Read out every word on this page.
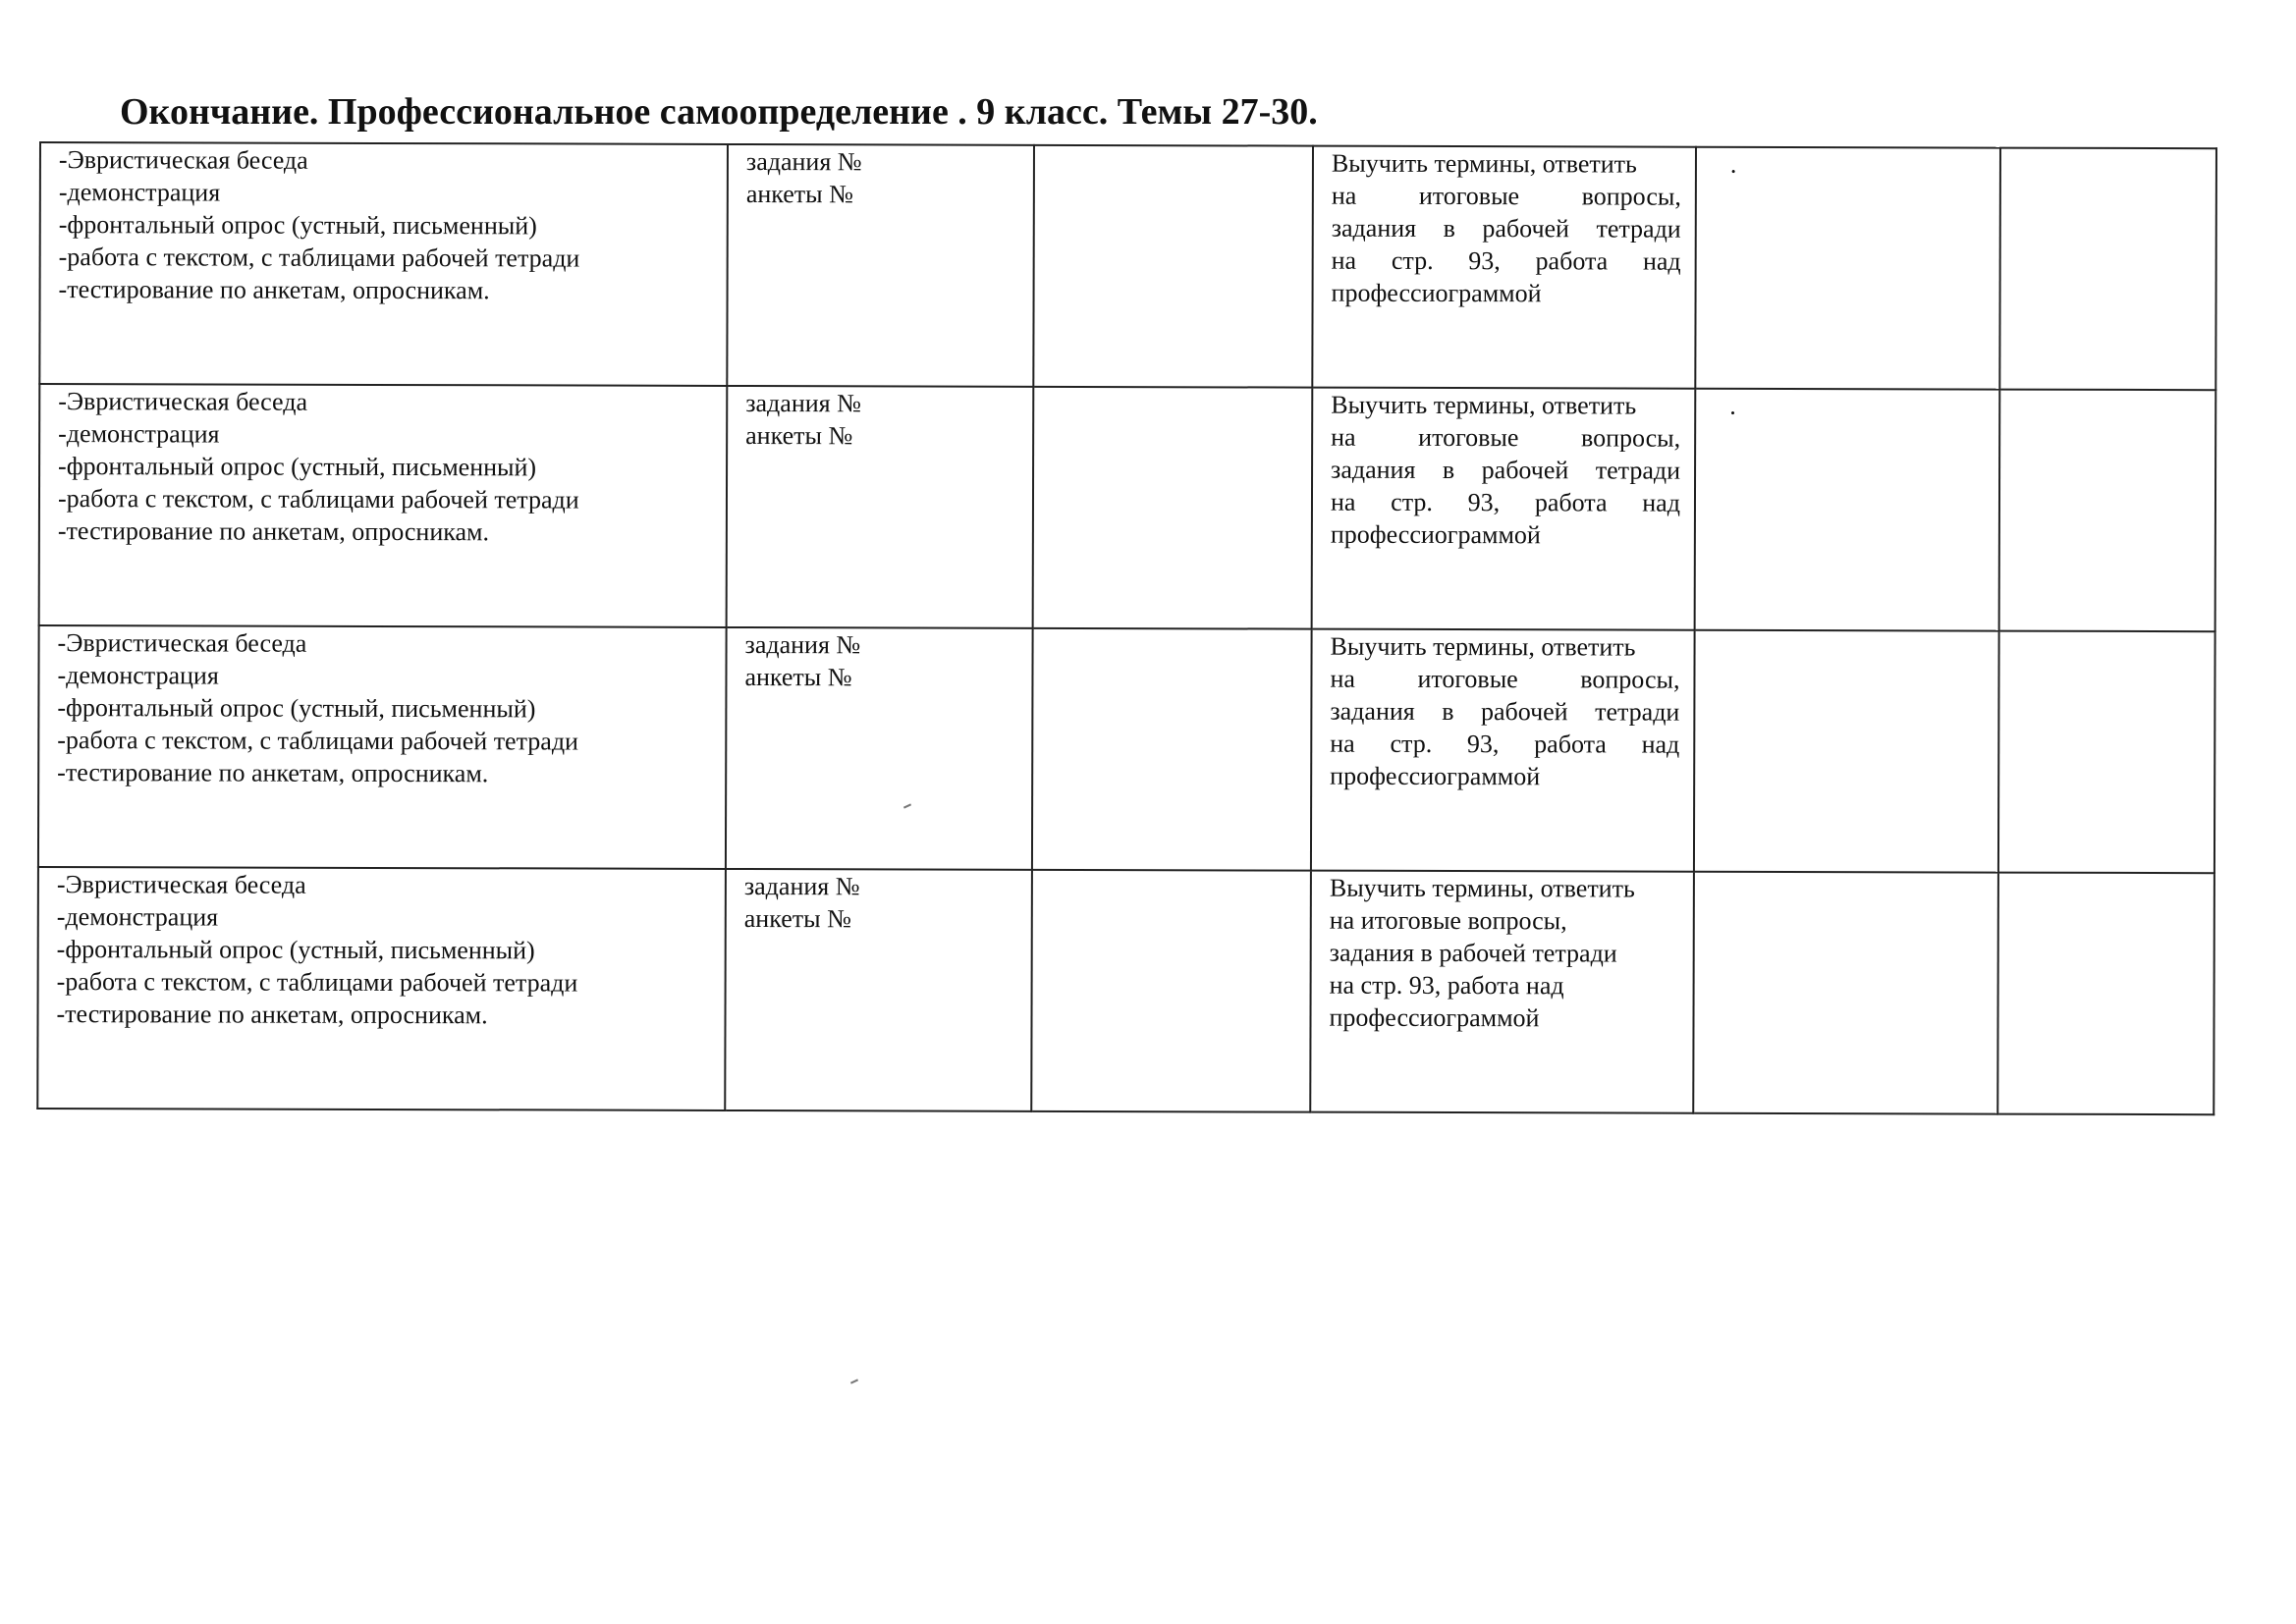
Окончание. Профессиональное самоопределение . 9 класс. Темы 27-30.
-Эвристическая беседа
-демонстрация
-фронтальный опрос (устный, письменный)
-работа с текстом, с таблицами рабочей тетради
-тестирование по анкетам, опросникам.	задания №
анкеты №		Выучить термины, ответить
на итоговые вопросы,
задания в рабочей тетради
на стр. 93, работа над
профессиограммой	.	

-Эвристическая беседа
-демонстрация
-фронтальный опрос (устный, письменный)
-работа с текстом, с таблицами рабочей тетради
-тестирование по анкетам, опросникам.	задания №
анкеты №		Выучить термины, ответить
на итоговые вопросы,
задания в рабочей тетради
на стр. 93, работа над
профессиограммой	.	

-Эвристическая беседа
-демонстрация
-фронтальный опрос (устный, письменный)
-работа с текстом, с таблицами рабочей тетради
-тестирование по анкетам, опросникам.	задания №
анкеты №		Выучить термины, ответить
на итоговые вопросы,
задания в рабочей тетради
на стр. 93, работа над
профессиограммой		

-Эвристическая беседа
-демонстрация
-фронтальный опрос (устный, письменный)
-работа с текстом, с таблицами рабочей тетради
-тестирование по анкетам, опросникам.	задания №
анкеты №		Выучить термины, ответить
на итоговые вопросы,
задания в рабочей тетради
на стр. 93, работа над
профессиограммой		
